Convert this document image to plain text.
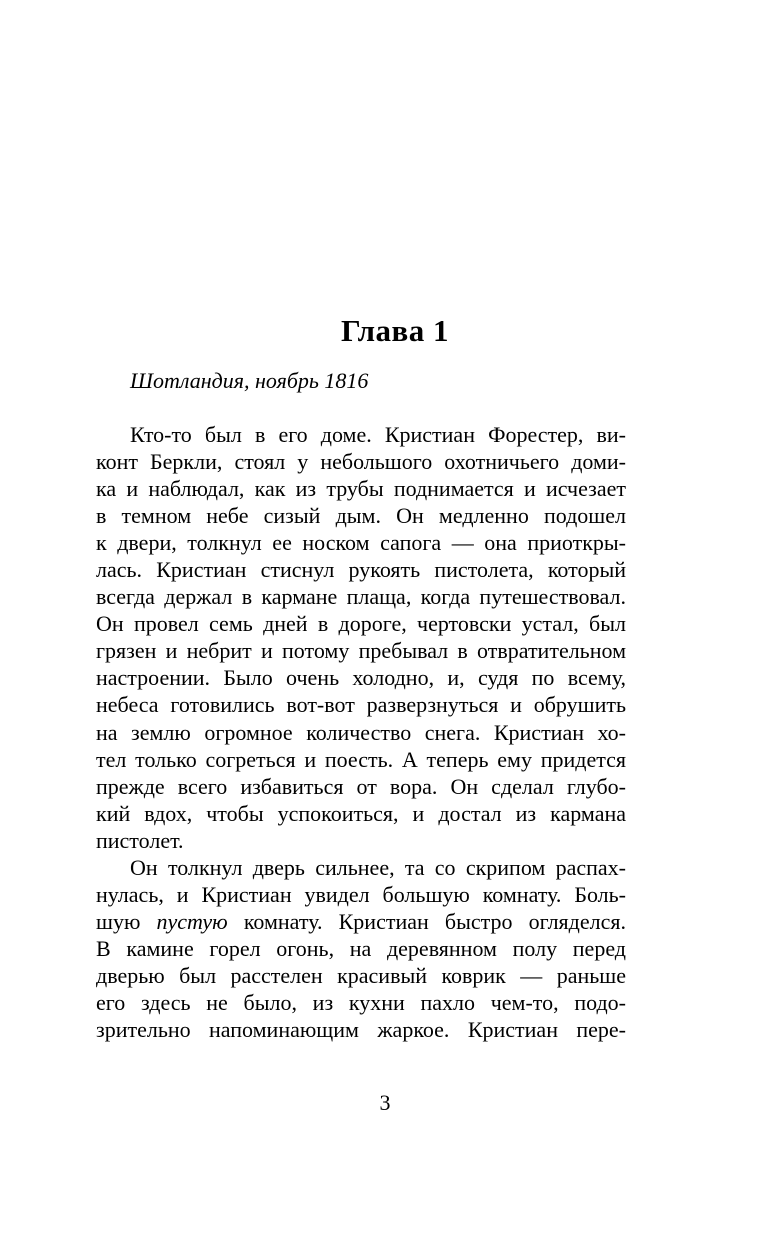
Глава 1
Шотландия, ноябрь 1816
Кто-то был в его доме. Кристиан Форестер, ви-
конт Беркли, стоял у небольшого охотничьего доми-
ка и наблюдал, как из трубы поднимается и исчезает
в темном небе сизый дым. Он медленно подошел
к двери, толкнул ее носком сапога — она приоткры-
лась. Кристиан стиснул рукоять пистолета, который
всегда держал в кармане плаща, когда путешествовал.
Он провел семь дней в дороге, чертовски устал, был
грязен и небрит и потому пребывал в отвратительном
настроении. Было очень холодно, и, судя по всему,
небеса готовились вот-вот разверзнуться и обрушить
на землю огромное количество снега. Кристиан хо-
тел только согреться и поесть. А теперь ему придется
прежде всего избавиться от вора. Он сделал глубо-
кий вдох, чтобы успокоиться, и достал из кармана
пистолет.
Он толкнул дверь сильнее, та со скрипом распах-
нулась, и Кристиан увидел большую комнату. Боль-
шую пустую комнату. Кристиан быстро огляделся.
В камине горел огонь, на деревянном полу перед
дверью был расстелен красивый коврик — раньше
его здесь не было, из кухни пахло чем-то, подо-
зрительно напоминающим жаркое. Кристиан пере-
3
